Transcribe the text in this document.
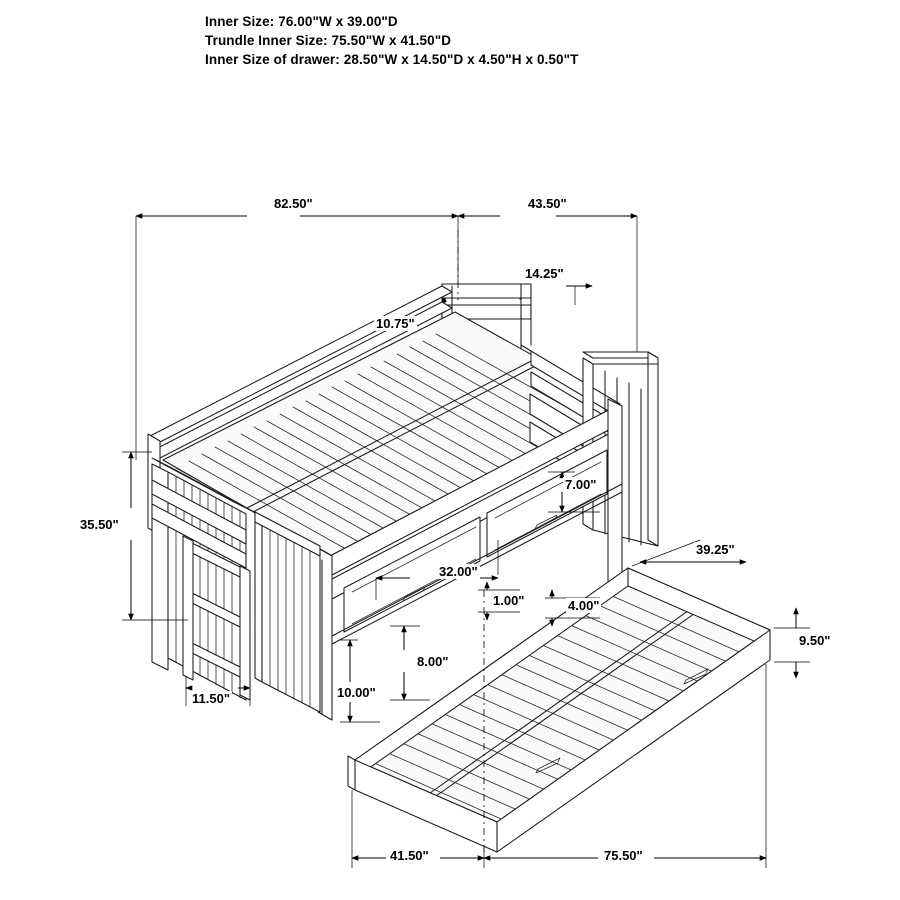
Inner Size: 76.00"W x 39.00"D
Trundle Inner Size: 75.50"W x 41.50"D
Inner Size of drawer: 28.50"W x 14.50"D x 4.50"H x 0.50"T
82.50"	43.50"
14.25"
10.75"
35.50"
7.00"
39.25"
32.00"
1.00"	4.00"
9.50"
8.00"
11.50"	10.00"
41.50"	75.50"
